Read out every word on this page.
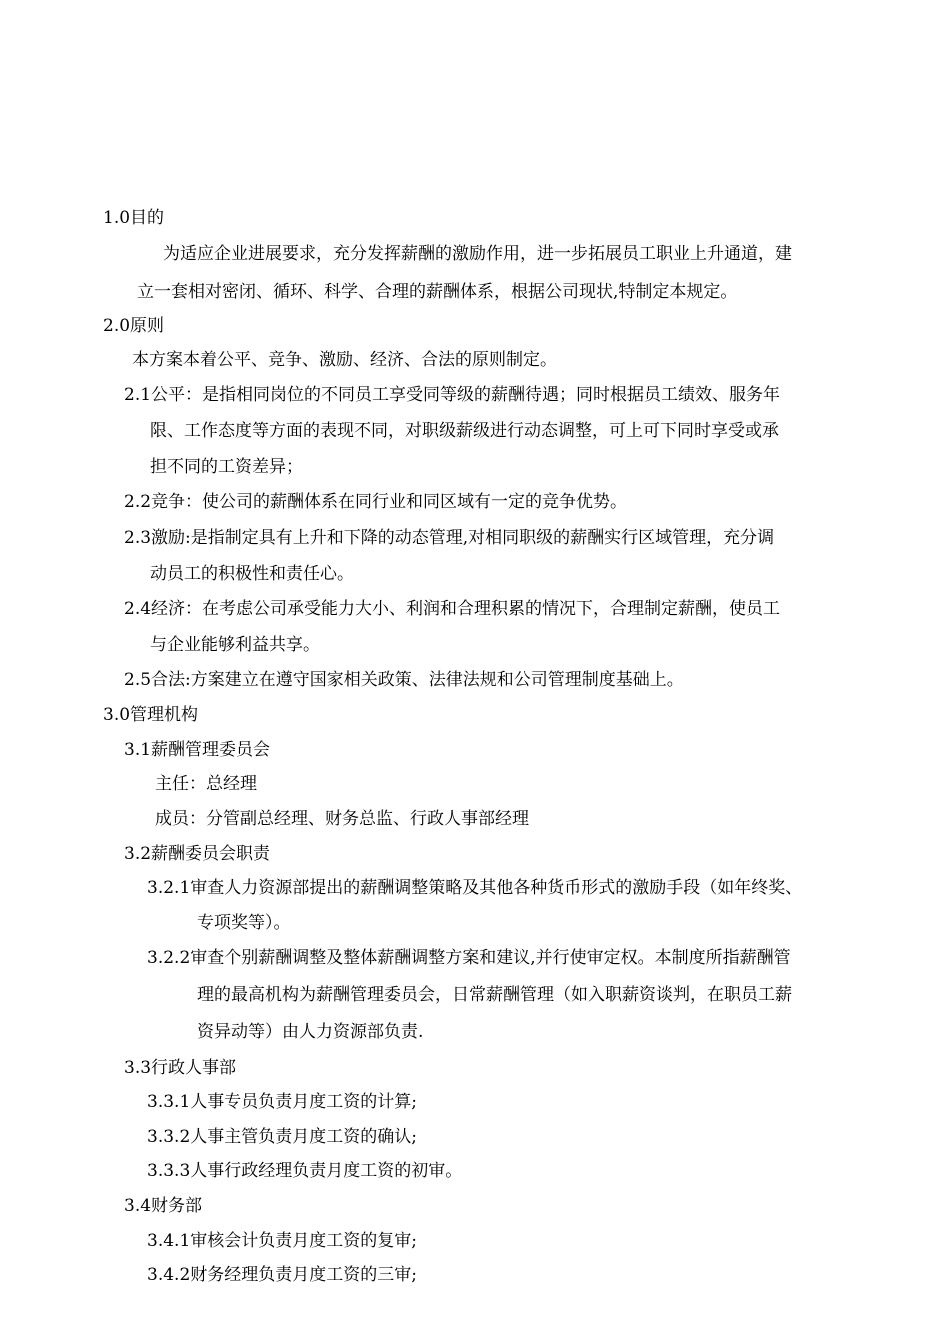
1.0目的
为适应企业进展要求，充分发挥薪酬的激励作用，进一步拓展员工职业上升通道，建
立一套相对密闭、循环、科学、合理的薪酬体系，根据公司现状,特制定本规定。
2.0原则
本方案本着公平、竞争、激励、经济、合法的原则制定。
2.1公平：是指相同岗位的不同员工享受同等级的薪酬待遇；同时根据员工绩效、服务年
限、工作态度等方面的表现不同，对职级薪级进行动态调整，可上可下同时享受或承
担不同的工资差异；
2.2竞争：使公司的薪酬体系在同行业和同区域有一定的竞争优势。
2.3激励:是指制定具有上升和下降的动态管理,对相同职级的薪酬实行区域管理，充分调
动员工的积极性和责任心。
2.4经济：在考虑公司承受能力大小、利润和合理积累的情况下，合理制定薪酬，使员工
与企业能够利益共享。
2.5合法:方案建立在遵守国家相关政策、法律法规和公司管理制度基础上。
3.0管理机构
3.1薪酬管理委员会
主任：总经理
成员：分管副总经理、财务总监、行政人事部经理
3.2薪酬委员会职责
3.2.1审查人力资源部提出的薪酬调整策略及其他各种货币形式的激励手段（如年终奖、
专项奖等）。
3.2.2审查个别薪酬调整及整体薪酬调整方案和建议,并行使审定权。本制度所指薪酬管
理的最高机构为薪酬管理委员会，日常薪酬管理（如入职薪资谈判，在职员工薪
资异动等）由人力资源部负责.
3.3行政人事部
3.3.1人事专员负责月度工资的计算;
3.3.2人事主管负责月度工资的确认;
3.3.3人事行政经理负责月度工资的初审。
3.4财务部
3.4.1审核会计负责月度工资的复审;
3.4.2财务经理负责月度工资的三审;
